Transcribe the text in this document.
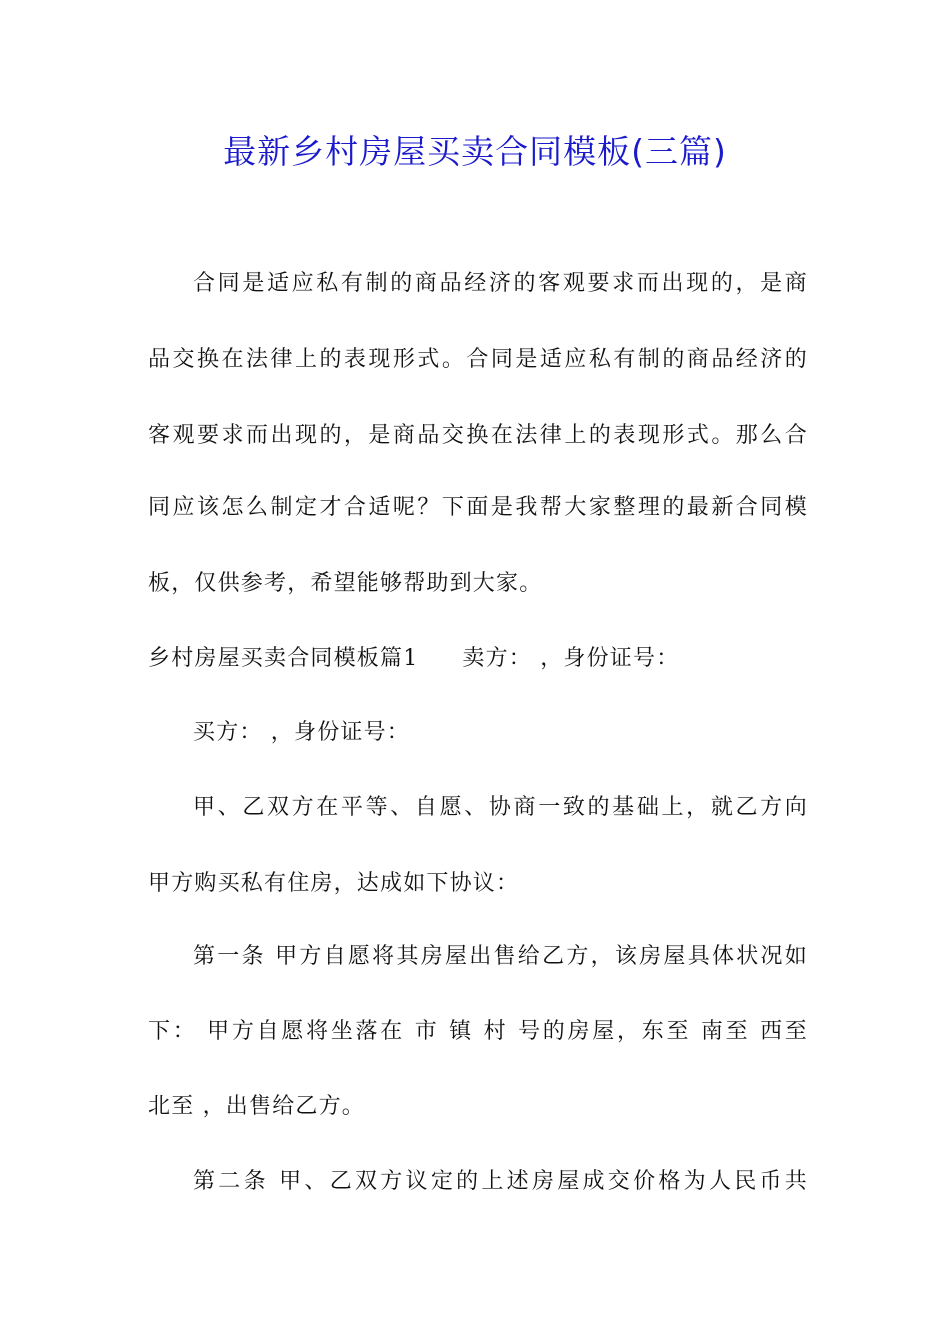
最新乡村房屋买卖合同模板(三篇)
合同是适应私有制的商品经济的客观要求而出现的，是商
品交换在法律上的表现形式。合同是适应私有制的商品经济的
客观要求而出现的，是商品交换在法律上的表现形式。那么合
同应该怎么制定才合适呢？下面是我帮大家整理的最新合同模
板，仅供参考，希望能够帮助到大家。
乡村房屋买卖合同模板篇1 卖方： ，身份证号：
买方： ，身份证号：
甲、乙双方在平等、自愿、协商一致的基础上，就乙方向
甲方购买私有住房，达成如下协议：
第一条 甲方自愿将其房屋出售给乙方，该房屋具体状况如
下： 甲方自愿将坐落在 市 镇 村 号的房屋，东至 南至 西至
北至 ，出售给乙方。
第二条 甲、乙双方议定的上述房屋成交价格为人民币共
